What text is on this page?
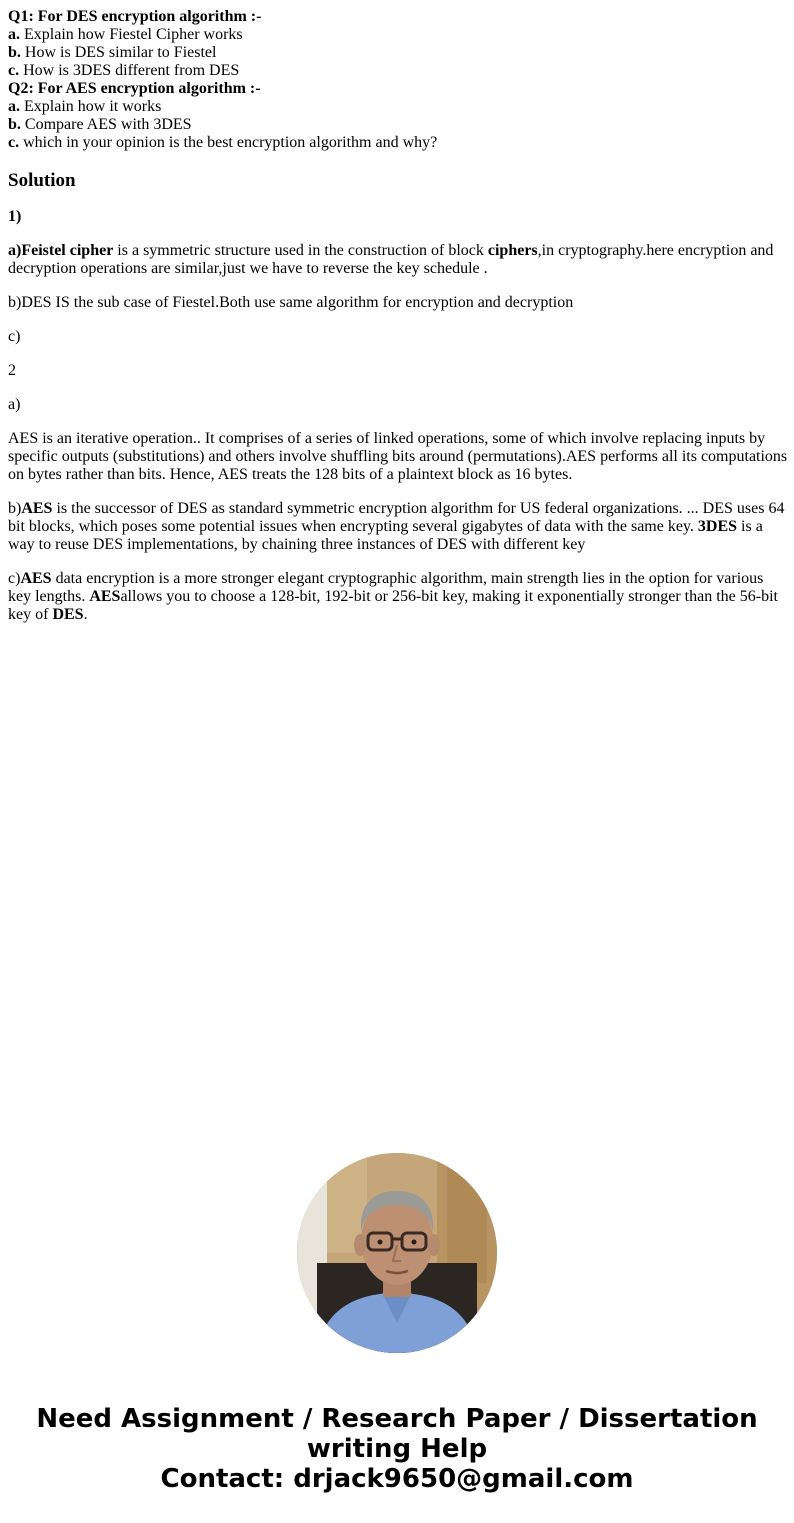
Q1: For DES encryption algorithm :-
a. Explain how Fiestel Cipher works
b. How is DES similar to Fiestel
c. How is 3DES different from DES
Q2: For AES encryption algorithm :-
a. Explain how it works
b. Compare AES with 3DES
c. which in your opinion is the best encryption algorithm and why?
Solution

1)

a)Feistel cipher is a symmetric structure used in the construction of block ciphers,in cryptography.here encryption and decryption operations are similar,just we have to reverse the key schedule .

b)DES IS the sub case of Fiestel.Both use same algorithm for encryption and decryption

c)

2

a)

AES is an iterative operation.. It comprises of a series of linked operations, some of which involve replacing inputs by specific outputs (substitutions) and others involve shuffling bits around (permutations).AES performs all its computations on bytes rather than bits. Hence, AES treats the 128 bits of a plaintext block as 16 bytes.

b)AES is the successor of DES as standard symmetric encryption algorithm for US federal organizations. ... DES uses 64 bit blocks, which poses some potential issues when encrypting several gigabytes of data with the same key. 3DES is a way to reuse DES implementations, by chaining three instances of DES with different key

c)AES data encryption is a more stronger elegant cryptographic algorithm, main strength lies in the option for various key lengths. AESallows you to choose a 128-bit, 192-bit or 256-bit key, making it exponentially stronger than the 56-bit key of DES.

Need Assignment / Research Paper / Dissertation
writing Help
Contact: drjack9650@gmail.com
